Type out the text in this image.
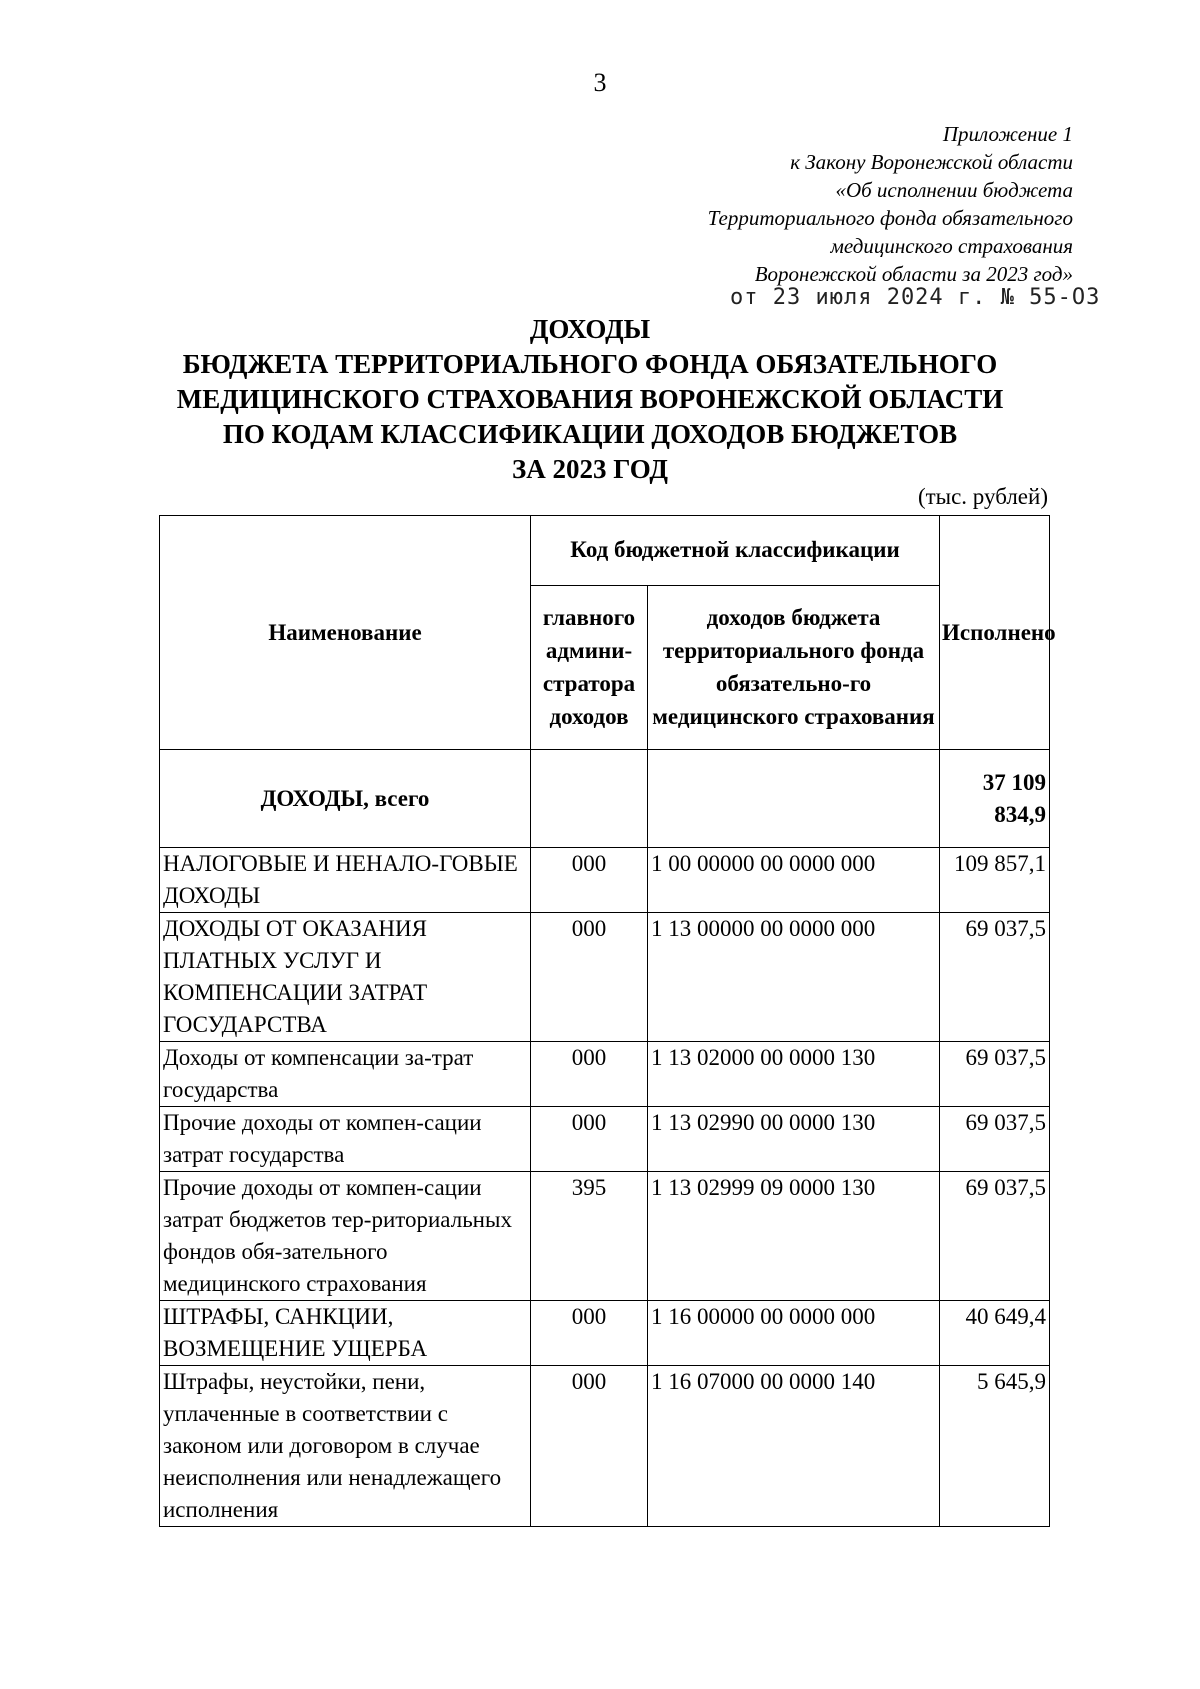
3
Приложение 1
к Закону Воронежской области
«Об исполнении бюджета
Территориального фонда обязательного
медицинского страхования
Воронежской области за 2023 год»
от 23 июля 2024 г. № 55-ОЗ
ДОХОДЫ
БЮДЖЕТА ТЕРРИТОРИАЛЬНОГО ФОНДА ОБЯЗАТЕЛЬНОГО
МЕДИЦИНСКОГО СТРАХОВАНИЯ ВОРОНЕЖСКОЙ ОБЛАСТИ
ПО КОДАМ КЛАССИФИКАЦИИ ДОХОДОВ БЮДЖЕТОВ
ЗА 2023 ГОД
(тыс. рублей)
Наименование	Код бюджетной классификации		Исполнено
	главного админи-стратора доходов	доходов бюджета территориального фонда обязательно-го медицинского страхования	
ДОХОДЫ, всего			37 109 834,9
НАЛОГОВЫЕ И НЕНАЛО-ГОВЫЕ ДОХОДЫ	000	1 00 00000 00 0000 000	109 857,1
ДОХОДЫ ОТ ОКАЗАНИЯ ПЛАТНЫХ УСЛУГ И КОМПЕНСАЦИИ ЗАТРАТ ГОСУДАРСТВА	000	1 13 00000 00 0000 000	69 037,5
Доходы от компенсации за-трат государства	000	1 13 02000 00 0000 130	69 037,5
Прочие доходы от компен-сации затрат государства	000	1 13 02990 00 0000 130	69 037,5
Прочие доходы от компен-сации затрат бюджетов тер-риториальных фондов обя-зательного медицинского страхования	395	1 13 02999 09 0000 130	69 037,5
ШТРАФЫ, САНКЦИИ, ВОЗМЕЩЕНИЕ УЩЕРБА	000	1 16 00000 00 0000 000	40 649,4
Штрафы, неустойки, пени, уплаченные в соответствии с законом или договором в случае неисполнения или ненадлежащего исполнения	000	1 16 07000 00 0000 140	5 645,9
